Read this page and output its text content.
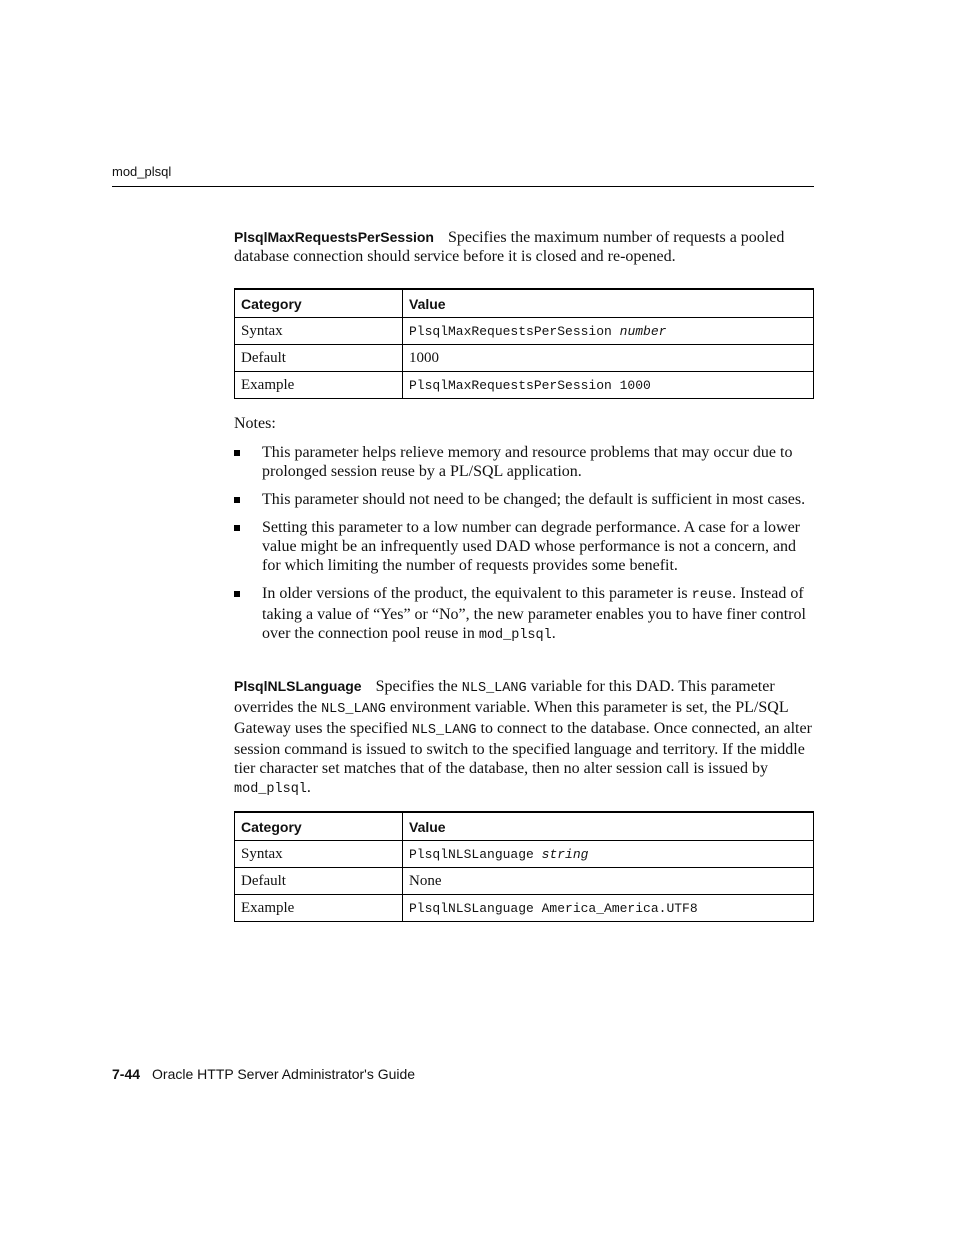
mod_plsql

PlsqlMaxRequestsPerSession Specifies the maximum number of requests a pooled database connection should service before it is closed and re-opened.

Category	Value
Syntax	PlsqlMaxRequestsPerSession number
Default	1000
Example	PlsqlMaxRequestsPerSession 1000
Notes:
This parameter helps relieve memory and resource problems that may occur due to prolonged session reuse by a PL/SQL application.
This parameter should not need to be changed; the default is sufficient in most cases.
Setting this parameter to a low number can degrade performance. A case for a lower value might be an infrequently used DAD whose performance is not a concern, and for which limiting the number of requests provides some benefit.
In older versions of the product, the equivalent to this parameter is reuse. Instead of taking a value of “Yes” or “No”, the new parameter enables you to have finer control over the connection pool reuse in mod_plsql.

PlsqlNLSLanguage Specifies the NLS_LANG variable for this DAD. This parameter overrides the NLS_LANG environment variable. When this parameter is set, the PL/SQL Gateway uses the specified NLS_LANG to connect to the database. Once connected, an alter session command is issued to switch to the specified language and territory. If the middle tier character set matches that of the database, then no alter session call is issued by mod_plsql.

Category	Value
Syntax	PlsqlNLSLanguage string
Default	None
Example	PlsqlNLSLanguage America_America.UTF8
7-44 Oracle HTTP Server Administrator's Guide
